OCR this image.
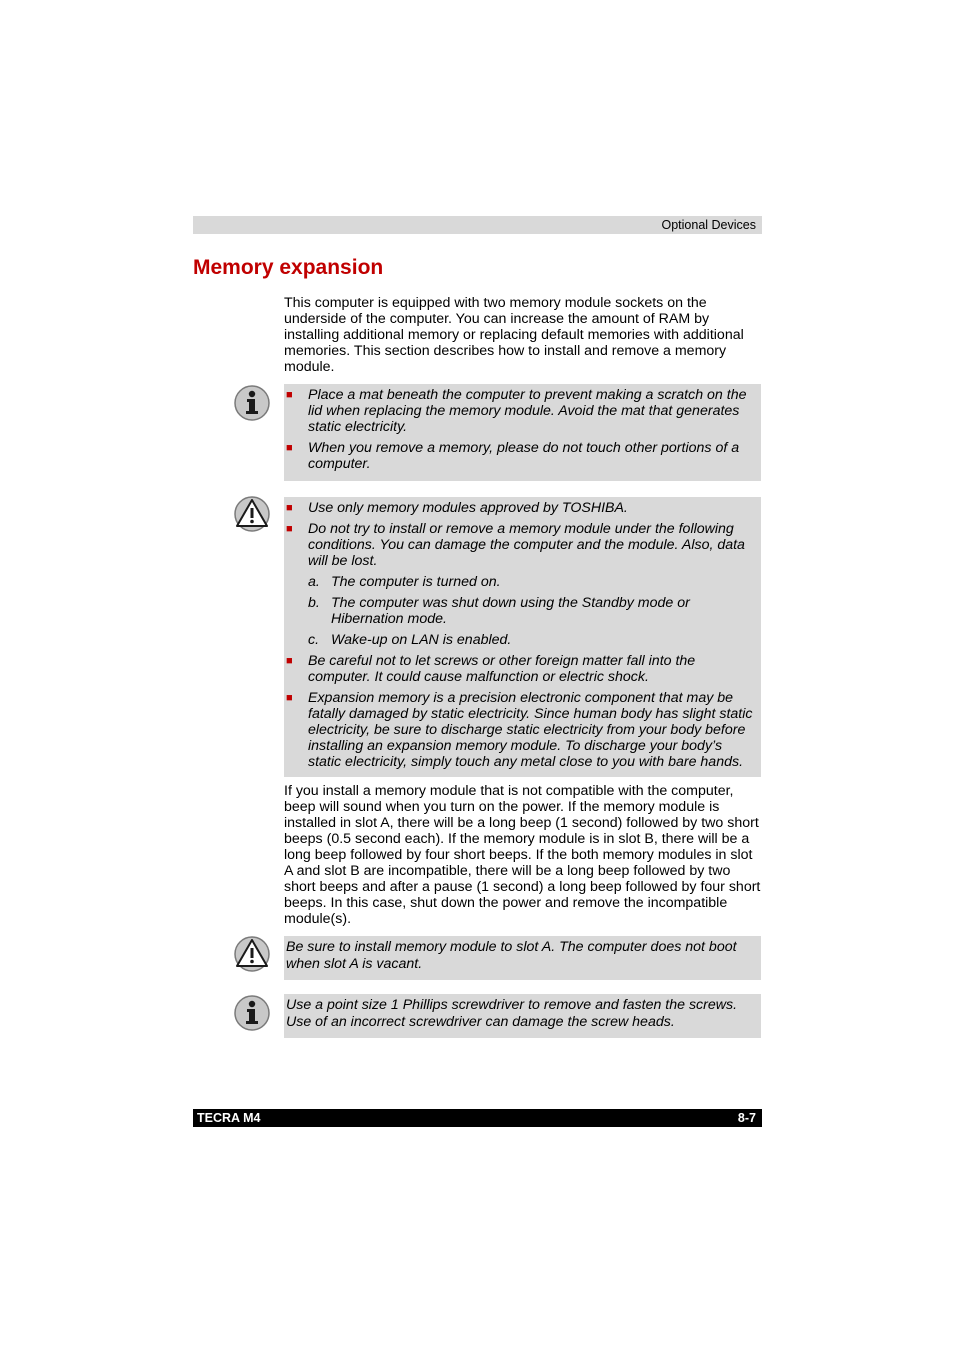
Optional Devices
Memory expansion

This computer is equipped with two memory module sockets on the underside of the computer. You can increase the amount of RAM by installing additional memory or replacing default memories with additional memories. This section describes how to install and remove a memory module.

■ Place a mat beneath the computer to prevent making a scratch on the lid when replacing the memory module. Avoid the mat that generates static electricity.
■ When you remove a memory, please do not touch other portions of a computer.
■ Use only memory modules approved by TOSHIBA.
■ Do not try to install or remove a memory module under the following conditions. You can damage the computer and the module. Also, data will be lost.
a. The computer is turned on.
b. The computer was shut down using the Standby mode or Hibernation mode.
c. Wake-up on LAN is enabled.
■ Be careful not to let screws or other foreign matter fall into the computer. It could cause malfunction or electric shock.
■ Expansion memory is a precision electronic component that may be fatally damaged by static electricity. Since human body has slight static electricity, be sure to discharge static electricity from your body before installing an expansion memory module. To discharge your body’s static electricity, simply touch any metal close to you with bare hands.

If you install a memory module that is not compatible with the computer, beep will sound when you turn on the power. If the memory module is installed in slot A, there will be a long beep (1 second) followed by two short beeps (0.5 second each). If the memory module is in slot B, there will be a long beep followed by four short beeps. If the both memory modules in slot A and slot B are incompatible, there will be a long beep followed by two short beeps and after a pause (1 second) a long beep followed by four short beeps. In this case, shut down the power and remove the incompatible module(s).

Be sure to install memory module to slot A. The computer does not boot when slot A is vacant.
Use a point size 1 Phillips screwdriver to remove and fasten the screws. Use of an incorrect screwdriver can damage the screw heads.
TECRA M4	8-7
